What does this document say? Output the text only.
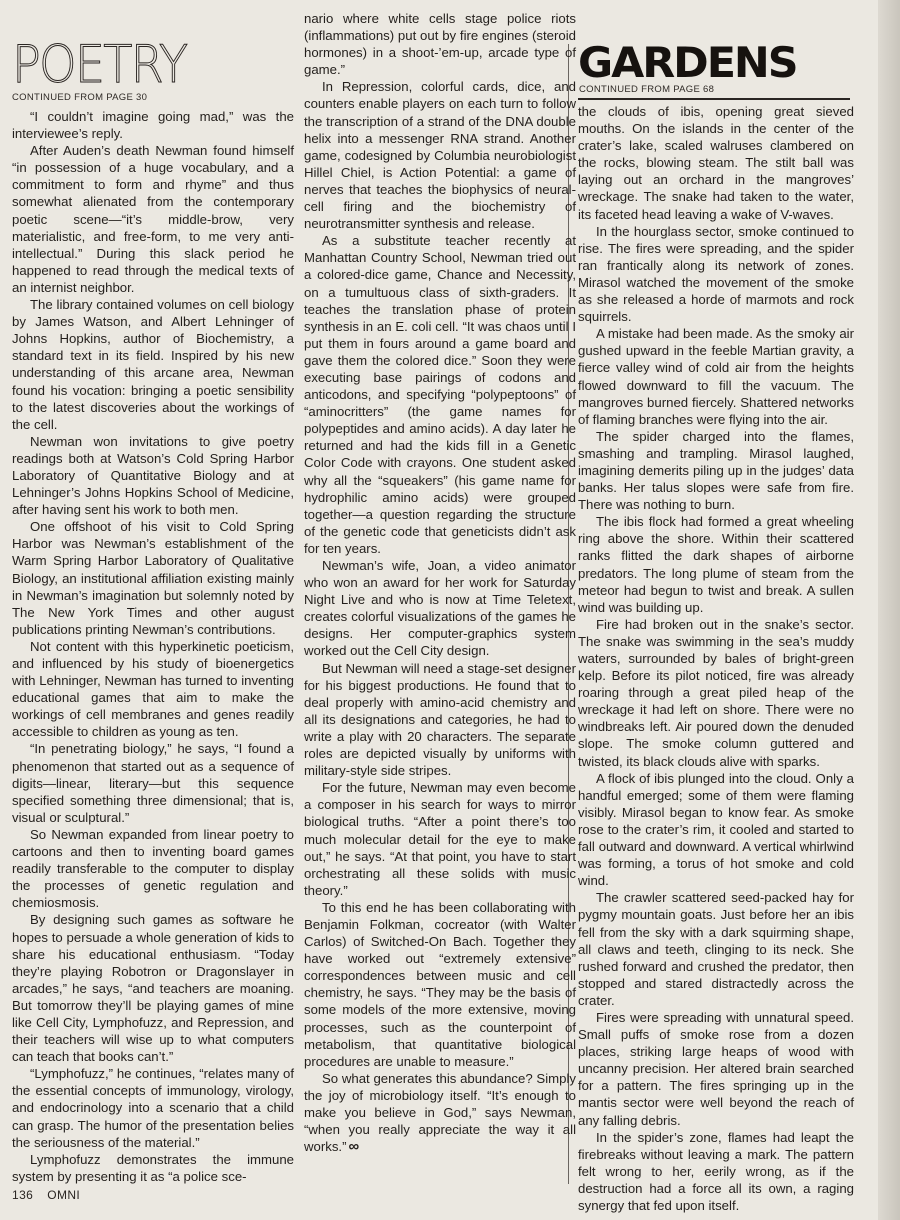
POETRY
CONTINUED FROM PAGE 30
GARDENS
CONTINUED FROM PAGE 68

“I couldn’t imagine going mad,” was the interviewee’s reply.

After Auden’s death Newman found himself “in possession of a huge vocabulary, and a commitment to form and rhyme” and thus somewhat alienated from the contemporary poetic scene—“it’s middle-brow, very materialistic, and free-form, to me very anti-intellectual.” During this slack period he happened to read through the medical texts of an internist neighbor.

The library contained volumes on cell biology by James Watson, and Albert Lehninger of Johns Hopkins, author of Biochemistry, a standard text in its field. Inspired by his new understanding of this arcane area, Newman found his vocation: bringing a poetic sensibility to the latest discoveries about the workings of the cell.

Newman won invitations to give poetry readings both at Watson’s Cold Spring Harbor Laboratory of Quantitative Biology and at Lehninger’s Johns Hopkins School of Medicine, after having sent his work to both men.

One offshoot of his visit to Cold Spring Harbor was Newman’s establishment of the Warm Spring Harbor Laboratory of Qualitative Biology, an institutional affiliation existing mainly in Newman’s imagination but solemnly noted by The New York Times and other august publications printing Newman’s contributions.

Not content with this hyperkinetic poeticism, and influenced by his study of bioenergetics with Lehninger, Newman has turned to inventing educational games that aim to make the workings of cell membranes and genes readily accessible to children as young as ten.

“In penetrating biology,” he says, “I found a phenomenon that started out as a sequence of digits—linear, literary—but this sequence specified something three dimensional; that is, visual or sculptural.”

So Newman expanded from linear poetry to cartoons and then to inventing board games readily transferable to the computer to display the processes of genetic regulation and chemiosmosis.

By designing such games as software he hopes to persuade a whole generation of kids to share his educational enthusiasm. “Today they’re playing Robotron or Dragonslayer in arcades,” he says, “and teachers are moaning. But tomorrow they’ll be playing games of mine like Cell City, Lymphofuzz, and Repression, and their teachers will wise up to what computers can teach that books can’t.”

“Lymphofuzz,” he continues, “relates many of the essential concepts of immunology, virology, and endocrinology into a scenario that a child can grasp. The humor of the presentation belies the seriousness of the material.”

Lymphofuzz demonstrates the immune system by presenting it as “a police sce-

nario where white cells stage police riots (inflammations) put out by fire engines (steroid hormones) in a shoot-’em-up, arcade type of game.”

In Repression, colorful cards, dice, and counters enable players on each turn to follow the transcription of a strand of the DNA double helix into a messenger RNA strand. Another game, codesigned by Columbia neurobiologist Hillel Chiel, is Action Potential: a game of nerves that teaches the biophysics of neural-cell firing and the biochemistry of neurotransmitter synthesis and release.

As a substitute teacher recently at Manhattan Country School, Newman tried out a colored-dice game, Chance and Necessity, on a tumultuous class of sixth-graders. It teaches the translation phase of protein synthesis in an E. coli cell. “It was chaos until I put them in fours around a game board and gave them the colored dice.” Soon they were executing base pairings of codons and anticodons, and specifying “polypeptoons” of “aminocritters” (the game names for polypeptides and amino acids). A day later he returned and had the kids fill in a Genetic Color Code with crayons. One student asked why all the “squeakers” (his game name for hydrophilic amino acids) were grouped together—a question regarding the structure of the genetic code that geneticists didn’t ask for ten years.

Newman’s wife, Joan, a video animator who won an award for her work for Saturday Night Live and who is now at Time Teletext, creates colorful visualizations of the games he designs. Her computer-graphics system worked out the Cell City design.

But Newman will need a stage-set designer for his biggest productions. He found that to deal properly with amino-acid chemistry and all its designations and categories, he had to write a play with 20 characters. The separate roles are depicted visually by uniforms with military-style side stripes.

For the future, Newman may even become a composer in his search for ways to mirror biological truths. “After a point there’s too much molecular detail for the eye to make out,” he says. “At that point, you have to start orchestrating all these solids with music theory.”

To this end he has been collaborating with Benjamin Folkman, cocreator (with Walter Carlos) of Switched-On Bach. Together they have worked out “extremely extensive” correspondences between music and cell chemistry, he says. “They may be the basis of some models of the more extensive, moving processes, such as the counterpoint of metabolism, that quantitative biological procedures are unable to measure.”

So what generates this abundance? Simply the joy of microbiology itself. “It’s enough to make you believe in God,” says Newman, “when you really appreciate the way it all works.” ∞

the clouds of ibis, opening great sieved mouths. On the islands in the center of the crater’s lake, scaled walruses clambered on the rocks, blowing steam. The stilt ball was laying out an orchard in the mangroves’ wreckage. The snake had taken to the water, its faceted head leaving a wake of V-waves.

In the hourglass sector, smoke continued to rise. The fires were spreading, and the spider ran frantically along its network of zones. Mirasol watched the movement of the smoke as she released a horde of marmots and rock squirrels.

A mistake had been made. As the smoky air gushed upward in the feeble Martian gravity, a fierce valley wind of cold air from the heights flowed downward to fill the vacuum. The mangroves burned fiercely. Shattered networks of flaming branches were flying into the air.

The spider charged into the flames, smashing and trampling. Mirasol laughed, imagining demerits piling up in the judges’ data banks. Her talus slopes were safe from fire. There was nothing to burn.

The ibis flock had formed a great wheeling ring above the shore. Within their scattered ranks flitted the dark shapes of airborne predators. The long plume of steam from the meteor had begun to twist and break. A sullen wind was building up.

Fire had broken out in the snake’s sector. The snake was swimming in the sea’s muddy waters, surrounded by bales of bright-green kelp. Before its pilot noticed, fire was already roaring through a great piled heap of the wreckage it had left on shore. There were no windbreaks left. Air poured down the denuded slope. The smoke column guttered and twisted, its black clouds alive with sparks.

A flock of ibis plunged into the cloud. Only a handful emerged; some of them were flaming visibly. Mirasol began to know fear. As smoke rose to the crater’s rim, it cooled and started to fall outward and downward. A vertical whirlwind was forming, a torus of hot smoke and cold wind.

The crawler scattered seed-packed hay for pygmy mountain goats. Just before her an ibis fell from the sky with a dark squirming shape, all claws and teeth, clinging to its neck. She rushed forward and crushed the predator, then stopped and stared distractedly across the crater.

Fires were spreading with unnatural speed. Small puffs of smoke rose from a dozen places, striking large heaps of wood with uncanny precision. Her altered brain searched for a pattern. The fires springing up in the mantis sector were well beyond the reach of any falling debris.

In the spider’s zone, flames had leapt the firebreaks without leaving a mark. The pattern felt wrong to her, eerily wrong, as if the destruction had a force all its own, a raging synergy that fed upon itself.

136 OMNI
